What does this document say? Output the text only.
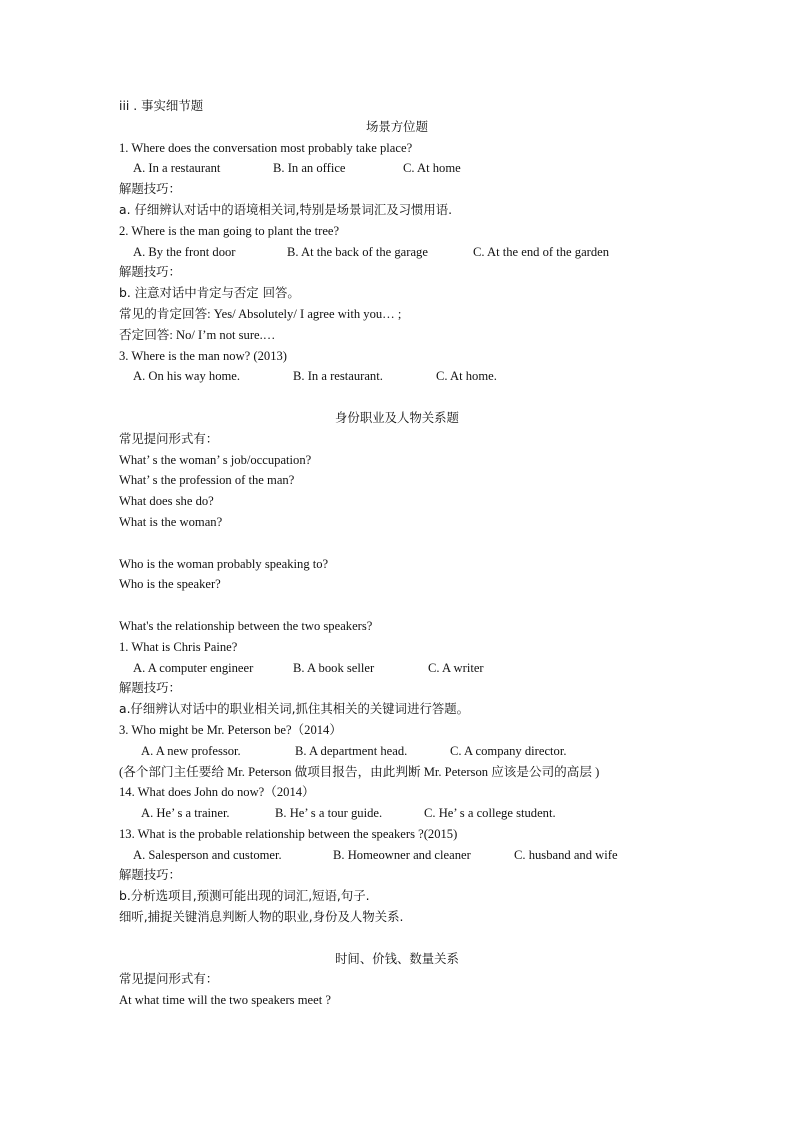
iii . 事实细节题
场景方位题
1. Where does the conversation most probably take place?
A. In a restaurant	B. In an office	C. At home
解题技巧：
a. 仔细辨认对话中的语境相关词,特别是场景词汇及习惯用语.
2. Where is the man going to plant the tree?
A. By the front door	B. At the back of the garage	C. At the end of the garden
解题技巧：
b. 注意对话中肯定与否定 回答。
常见的肯定回答: Yes/ Absolutely/ I agree with you… ;
否定回答: No/ I’m not sure.…
3. Where is the man now? (2013)
A. On his way home.	B. In a restaurant.	C. At home.
身份职业及人物关系题
常见提问形式有：
What’ s the woman’ s job/occupation?
What’ s the profession of the man?
What does she do?
What is the woman?
Who is the woman probably speaking to?
Who is the speaker?
What's the relationship between the two speakers?
1. What is Chris Paine?
A. A computer engineer	B. A book seller	C. A writer
解题技巧：
a.仔细辨认对话中的职业相关词,抓住其相关的关键词进行答题。
3. Who might be Mr. Peterson be?（2014）
A. A new professor.	B. A department head.	C. A company director.
(各个部门主任要给 Mr. Peterson 做项目报告，由此判断 Mr. Peterson 应该是公司的高层 )
14. What does John do now?（2014）
A. He’ s a trainer.	B. He’ s a tour guide.	C. He’ s a college student.
13. What is the probable relationship between the speakers ?(2015)
A. Salesperson and customer.	B. Homeowner and cleaner	C. husband and wife
解题技巧：
b.分析选项目,预测可能出现的词汇,短语,句子.
细听,捕捉关键消息判断人物的职业,身份及人物关系.
时间、价钱、数量关系
常见提问形式有：
At what time will the two speakers meet ?
